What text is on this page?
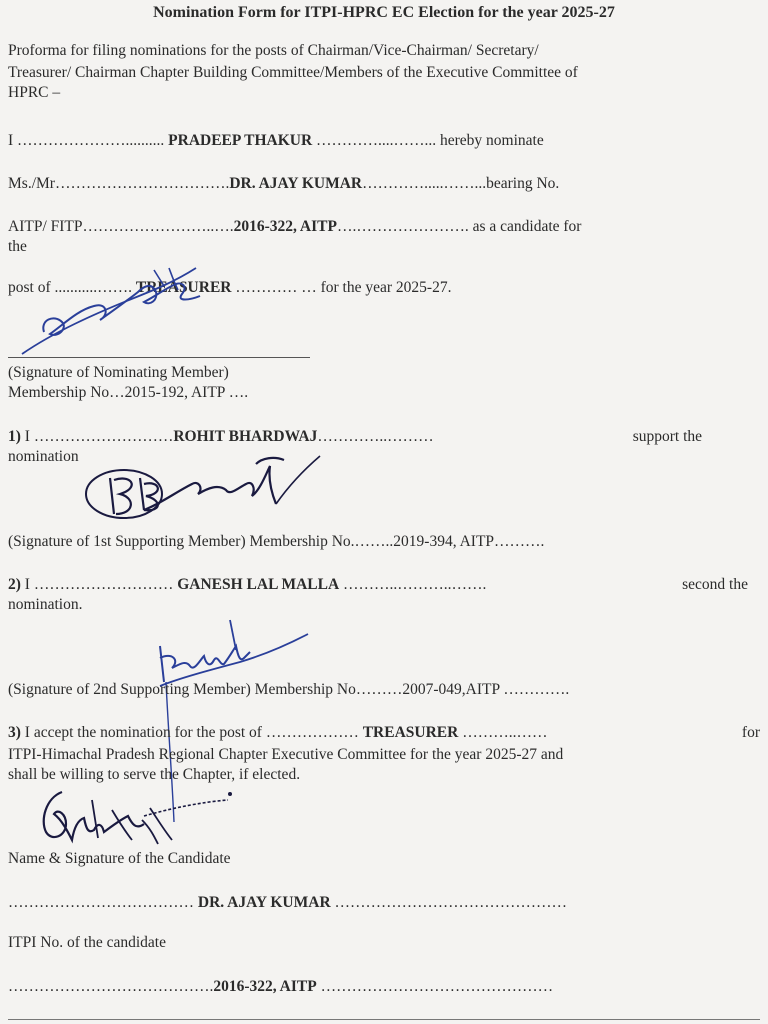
Nomination Form for ITPI-HPRC EC Election for the year 2025-27
Proforma for filing nominations for the posts of Chairman/Vice-Chairman/ Secretary/
Treasurer/ Chairman Chapter Building Committee/Members of the Executive Committee of
HPRC –
I ………………….......... PRADEEP THAKUR …………....……... hereby nominate
Ms./Mr…………………………….DR. AJAY KUMAR………….....……...bearing No.
AITP/ FITP……………………..….2016-322, AITP….…………………. as a candidate for
the
post of ...........……. TREASURER ………… … for the year 2025-27.
(Signature of Nominating Member)
Membership No…2015-192, AITP ….
1) I ………………………ROHIT BHARDWAJ…………..………	support the
nomination
(Signature of 1st Supporting Member) Membership No.……..2019-394, AITP……….
2) I ……………………… GANESH LAL MALLA ………..………..…….	second the
nomination.
(Signature of 2nd Supporting Member) Membership No………2007-049,AITP ………….
3) I accept the nomination for the post of ……………… TREASURER ………..……	for
ITPI-Himachal Pradesh Regional Chapter Executive Committee for the year 2025-27 and
shall be willing to serve the Chapter, if elected.
Name & Signature of the Candidate
……………………………… DR. AJAY KUMAR ………………………………………
ITPI No. of the candidate
………………………………….2016-322, AITP ………………………………………
